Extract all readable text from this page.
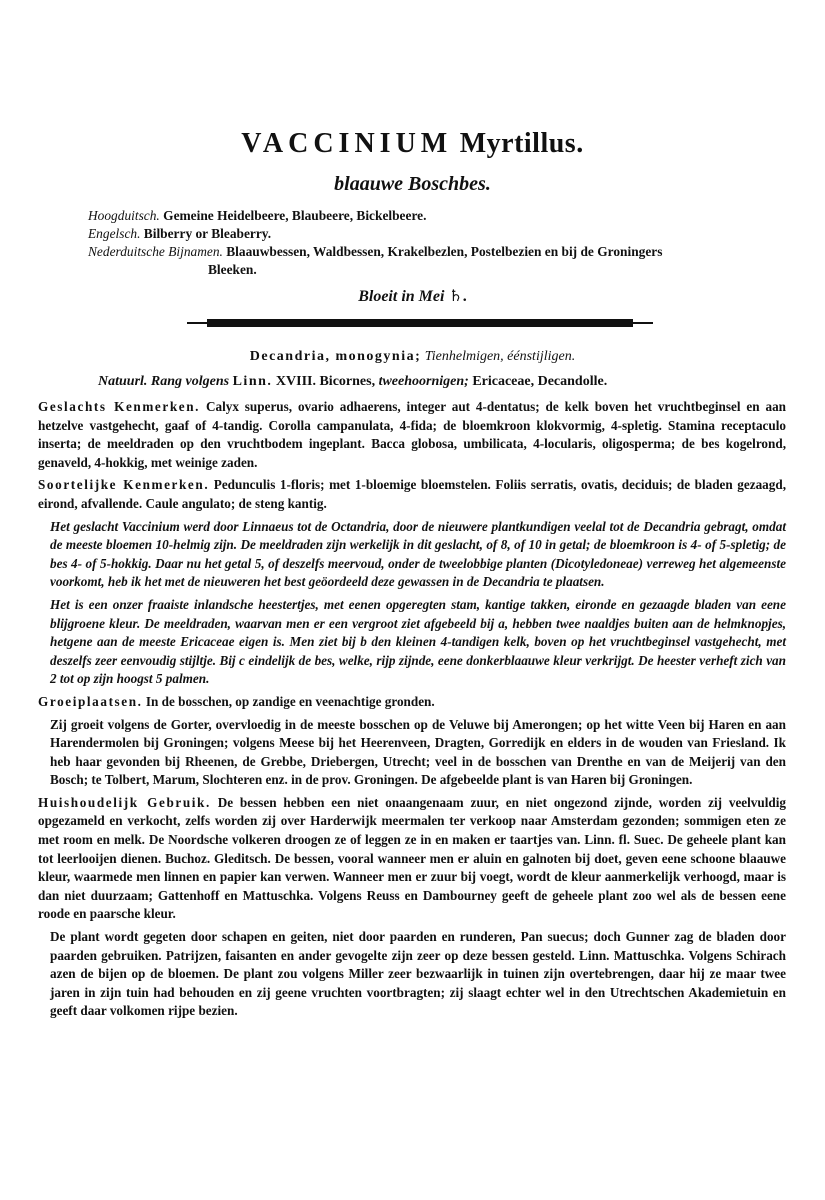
VACCINIUM Myrtillus.
blaauwe Boschbes.
Hoogduitsch. Gemeine Heidelbeere, Blaubeere, Bickelbeere.
Engelsch. Bilberry or Bleaberry.
Nederduitsche Bijnamen. Blaauwbessen, Waldbessen, Krakelbezlen, Postelbezien en bij de Groningers
Bleeken.
Bloeit in Mei ♄.
Decandria, monogynia; Tienhelmigen, éénstijligen.
Natuurl. Rang volgens Linn. XVIII. Bicornes, tweehoornigen; Ericaceae, Decandolle.

Geslachts Kenmerken. Calyx superus, ovario adhaerens, integer aut 4-dentatus; de kelk boven het vruchtbeginsel en aan hetzelve vastgehecht, gaaf of 4-tandig. Corolla campanulata, 4-fida; de bloemkroon klokvormig, 4-spletig. Stamina receptaculo inserta; de meeldraden op den vruchtbodem ingeplant. Bacca globosa, umbilicata, 4-locularis, oligosperma; de bes kogelrond, genaveld, 4-hokkig, met weinige zaden.

Soortelijke Kenmerken. Pedunculis 1-floris; met 1-bloemige bloemstelen. Foliis serratis, ovatis, deciduis; de bladen gezaagd, eirond, afvallende. Caule angulato; de steng kantig.

Het geslacht Vaccinium werd door Linnaeus tot de Octandria, door de nieuwere plantkundigen veelal tot de Decandria gebragt, omdat de meeste bloemen 10-helmig zijn. De meeldraden zijn werkelijk in dit geslacht, of 8, of 10 in getal; de bloemkroon is 4- of 5-spletig; de bes 4- of 5-hokkig. Daar nu het getal 5, of deszelfs meervoud, onder de tweelobbige planten (Dicotyledoneae) verreweg het algemeenste voorkomt, heb ik het met de nieuweren het best geöordeeld deze gewassen in de Decandria te plaatsen.

Het is een onzer fraaiste inlandsche heestertjes, met eenen opgeregten stam, kantige takken, eironde en gezaagde bladen van eene blijgroene kleur. De meeldraden, waarvan men er een vergroot ziet afgebeeld bij a, hebben twee naaldjes buiten aan de helmknopjes, hetgene aan de meeste Ericaceae eigen is. Men ziet bij b den kleinen 4-tandigen kelk, boven op het vruchtbeginsel vastgehecht, met deszelfs zeer eenvoudig stijltje. Bij c eindelijk de bes, welke, rijp zijnde, eene donkerblaauwe kleur verkrijgt. De heester verheft zich van 2 tot op zijn hoogst 5 palmen.

Groeiplaatsen. In de bosschen, op zandige en veenachtige gronden.

Zij groeit volgens de Gorter, overvloedig in de meeste bosschen op de Veluwe bij Amerongen; op het witte Veen bij Haren en aan Harendermolen bij Groningen; volgens Meese bij het Heerenveen, Dragten, Gorredijk en elders in de wouden van Friesland. Ik heb haar gevonden bij Rheenen, de Grebbe, Driebergen, Utrecht; veel in de bosschen van Drenthe en van de Meijerij van den Bosch; te Tolbert, Marum, Slochteren enz. in de prov. Groningen. De afgebeelde plant is van Haren bij Groningen.

Huishoudelijk Gebruik. De bessen hebben een niet onaangenaam zuur, en niet ongezond zijnde, worden zij veelvuldig opgezameld en verkocht, zelfs worden zij over Harderwijk meermalen ter verkoop naar Amsterdam gezonden; sommigen eten ze met room en melk. De Noordsche volkeren droogen ze of leggen ze in en maken er taartjes van. Linn. fl. Suec. De geheele plant kan tot leerlooijen dienen. Buchoz. Gleditsch. De bessen, vooral wanneer men er aluin en galnoten bij doet, geven eene schoone blaauwe kleur, waarmede men linnen en papier kan verwen. Wanneer men er zuur bij voegt, wordt de kleur aanmerkelijk verhoogd, maar is dan niet duurzaam; Gattenhoff en Mattuschka. Volgens Reuss en Dambourney geeft de geheele plant zoo wel als de bessen eene roode en paarsche kleur.

De plant wordt gegeten door schapen en geiten, niet door paarden en runderen, Pan suecus; doch Gunner zag de bladen door paarden gebruiken. Patrijzen, faisanten en ander gevogelte zijn zeer op deze bessen gesteld. Linn. Mattuschka. Volgens Schirach azen de bijen op de bloemen. De plant zou volgens Miller zeer bezwaarlijk in tuinen zijn overtebrengen, daar hij ze maar twee jaren in zijn tuin had behouden en zij geene vruchten voortbragten; zij slaagt echter wel in den Utrechtschen Akademietuin en geeft daar volkomen rijpe bezien.
